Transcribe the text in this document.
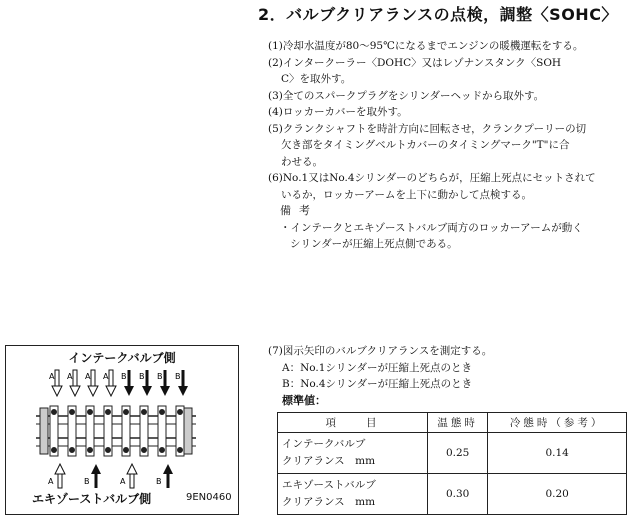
2．バルブクリアランスの点検，調整〈SOHC〉
(1)冷却水温度が80～95℃になるまでエンジンの暖機運転をする。
(2)インタークーラー〈DOHC〉又はレゾナンスタンク〈SOH
C〉を取外す。
(3)全てのスパークプラグをシリンダーヘッドから取外す。
(4)ロッカーカバーを取外す。
(5)クランクシャフトを時計方向に回転させ，クランクプーリーの切
欠き部をタイミングベルトカバーのタイミングマーク"T"に合
わせる。
(6)No.1又はNo.4シリンダーのどちらが，圧縮上死点にセットされて
いるか，ロッカーアームを上下に動かして点検する。
備考
・インテークとエキゾーストバルブ両方のロッカーアームが動く
シリンダーが圧縮上死点側である。
インテークバルブ側
A A A A B B B B
A	B	A	B
エキゾーストバルブ側	9EN0460
(7)図示矢印のバルブクリアランスを測定する。
A：No.1シリンダーが圧縮上死点のとき
B：No.4シリンダーが圧縮上死点のとき
標準値：
項　　目	温態時	冷態時（参考）

インテークバルブ
クリアランス　mm	0.25	0.14

エキゾーストバルブ
クリアランス　mm	0.30	0.20
